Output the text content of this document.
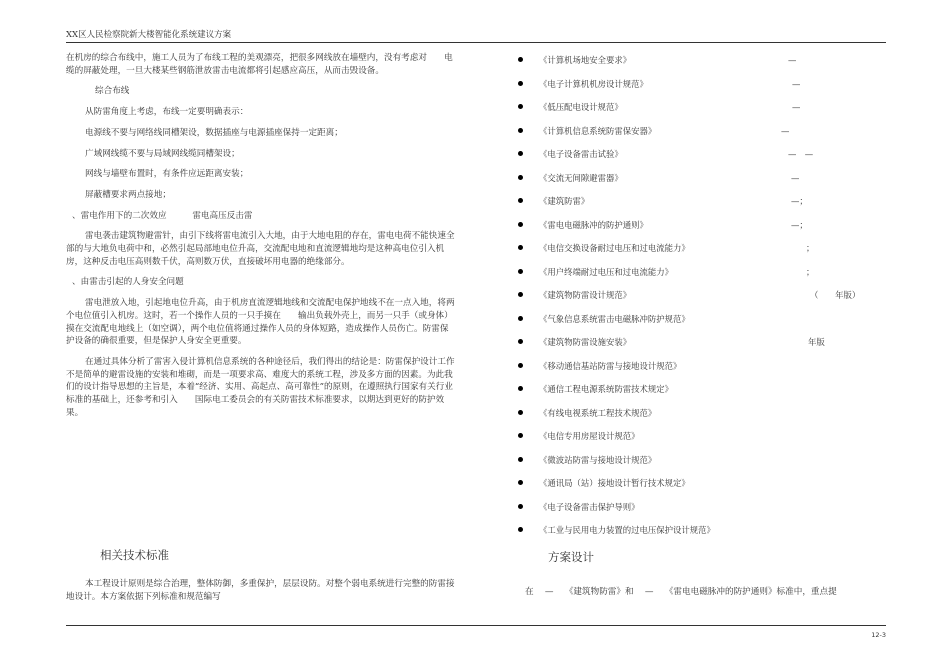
XX区人民检察院新大楼智能化系统建议方案

在机房的综合布线中，施工人员为了布线工程的美观漂亮，把很多网线放在墙壁内，没有考虑对　　电缆的屏蔽处理，一旦大楼某些钢筋泄放雷击电流都将引起感应高压，从而击毁设备。

综合布线

从防雷角度上考虑，布线一定要明确表示：

电源线不要与网络线同槽架设，数据插座与电源插座保持一定距离；

广域网线缆不要与局域网线缆同槽架设；

网线与墙壁布置时，有条件应远距离安装；

屏蔽槽要求两点接地；

、雷电作用下的二次效应　　　雷电高压反击雷

雷电袭击建筑物避雷针，由引下线将雷电流引入大地，由于大地电阻的存在，雷电电荷不能快速全部的与大地负电荷中和，必然引起局部地电位升高，交流配电地和直流逻辑地均是这种高电位引入机房，这种反击电压高则数千伏，高则数万伏，直接破坏用电器的绝缘部分。

、由雷击引起的人身安全问题

雷电泄放入地，引起地电位升高，由于机房直流逻辑地线和交流配电保护地线不在一点入地，将两个电位值引入机房。这时，若一个操作人员的一只手摸在　　输出负载外壳上，而另一只手（或身体）摸在交流配电地线上（如空调），两个电位值将通过操作人员的身体短路，造成操作人员伤亡。防雷保护设备的确很重要，但是保护人身安全更重要。

在通过具体分析了雷害入侵计算机信息系统的各种途径后，我们得出的结论是：防雷保护设计工作不是简单的避雷设施的安装和堆砌，而是一项要求高、难度大的系统工程，涉及多方面的因素。为此我们的设计指导思想的主旨是，本着“经济、实用、高起点、高可靠性”的原则，在遵照执行国家有关行业标准的基础上，还参考和引入　　国际电工委员会的有关防雷技术标准要求，以期达到更好的防护效果。

相关技术标准

本工程设计原则是综合治理，整体防御，多重保护，层层设防。对整个弱电系统进行完整的防雷接地设计。本方案依据下列标准和规范编写

《计算机场地安全要求》	—
《电子计算机机房设计规范》	—
《低压配电设计规范》	—
《计算机信息系统防雷保安器》	—
《电子设备雷击试验》	—　—
《交流无间隙避雷器》	—
《建筑防雷》	—；
《雷电电磁脉冲的防护通则》	—；
《电信交换设备耐过电压和过电流能力》	；
《用户终端耐过电压和过电流能力》	；
《建筑物防雷设计规范》	（　　年版）
《气象信息系统雷击电磁脉冲防护规范》
《建筑物防雷设施安装》	年版
《移动通信基站防雷与接地设计规范》
《通信工程电源系统防雷技术规定》
《有线电视系统工程技术规范》
《电信专用房屋设计规范》
《微波站防雷与接地设计规范》
《通讯局（站）接地设计暂行技术规定》
《电子设备雷击保护导则》
《工业与民用电力装置的过电压保护设计规范》
方案设计
在　 —　 《建筑物防雷》和　 —　 《雷电电磁脉冲的防护通则》标准中，重点提
12-3
